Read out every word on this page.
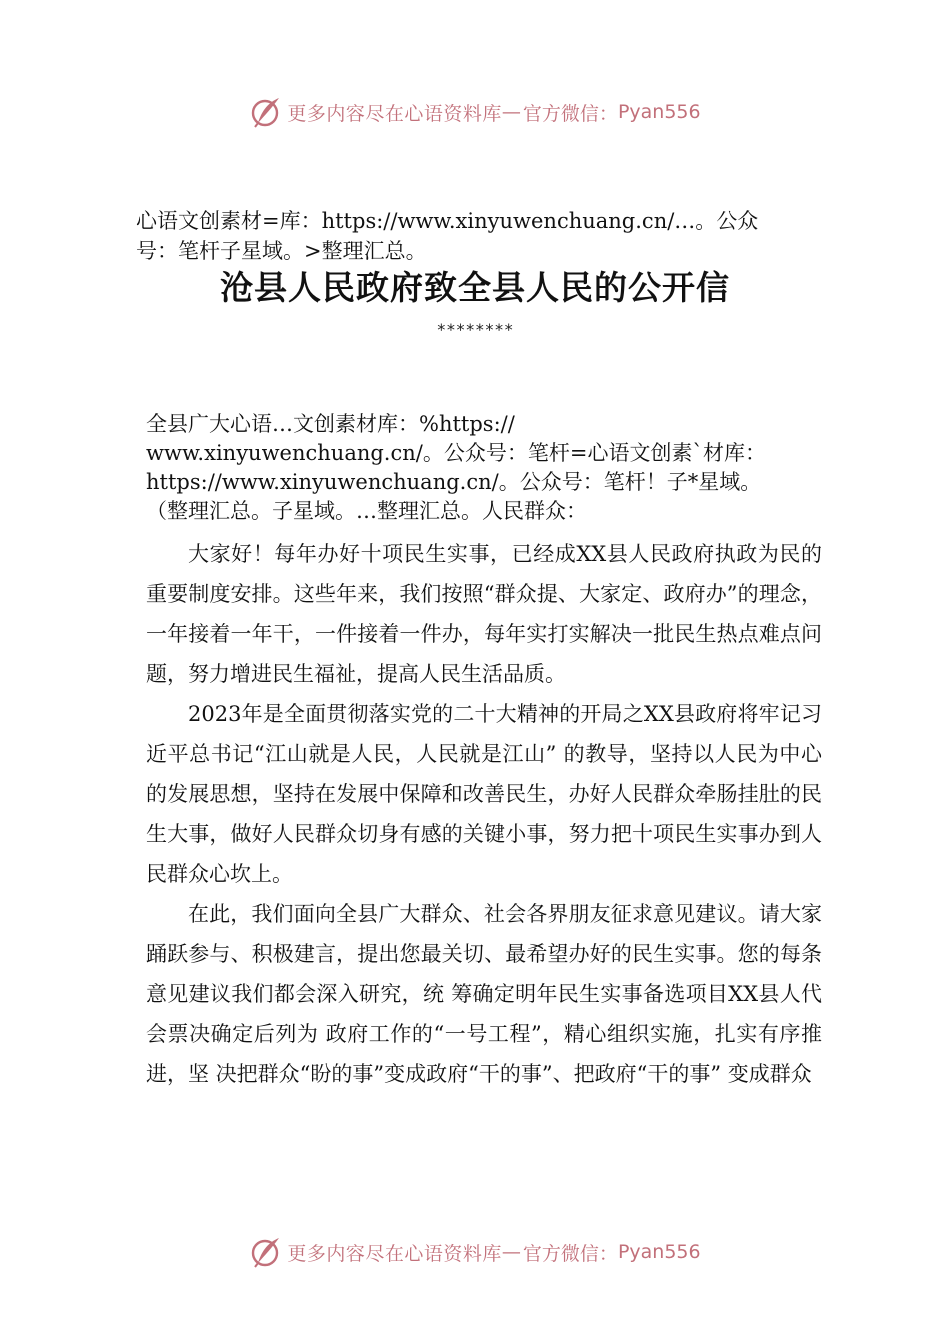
更多内容尽在心语资料库 — 官方微信： Pyan556
心语文创素材=库：https://www.xinyuwenchuang.cn/…。公众
号：笔杆子星域。>整理汇总。
沧县人民政府致全县人民的公开信
********
全县广大心语…文创素材库：%https://
www.xinyuwenchuang.cn/。公众号：笔杆=心语文创素`材库：
https://www.xinyuwenchuang.cn/。公众号：笔杆！子*星域。
（整理汇总。子星域。…整理汇总。人民群众：

大家好！每年办好十项民生实事，已经成XX县人民政府执政为民的重要制度安排。这些年来，我们按照“群众提、大家定、政府办”的理念，一年接着一年干，一件接着一件办，每年实打实解决一批民生热点难点问题，努力增进民生福祉，提高人民生活品质。

2023年是全面贯彻落实党的二十大精神的开局之XX县政府将牢记习近平总书记“江山就是人民，人民就是江山” 的教导，坚持以人民为中心的发展思想，坚持在发展中保障和改善民生，办好人民群众牵肠挂肚的民生大事，做好人民群众切身有感的关键小事，努力把十项民生实事办到人民群众心坎上。

在此，我们面向全县广大群众、社会各界朋友征求意见建议。请大家踊跃参与、积极建言，提出您最关切、最希望办好的民生实事。您的每条意见建议我们都会深入研究，统 筹确定明年民生实事备选项目XX县人代会票决确定后列为 政府工作的“一号工程”，精心组织实施，扎实有序推进，坚 决把群众“盼的事”变成政府“干的事”、把政府“干的事” 变成群众

更多内容尽在心语资料库 — 官方微信： Pyan556
